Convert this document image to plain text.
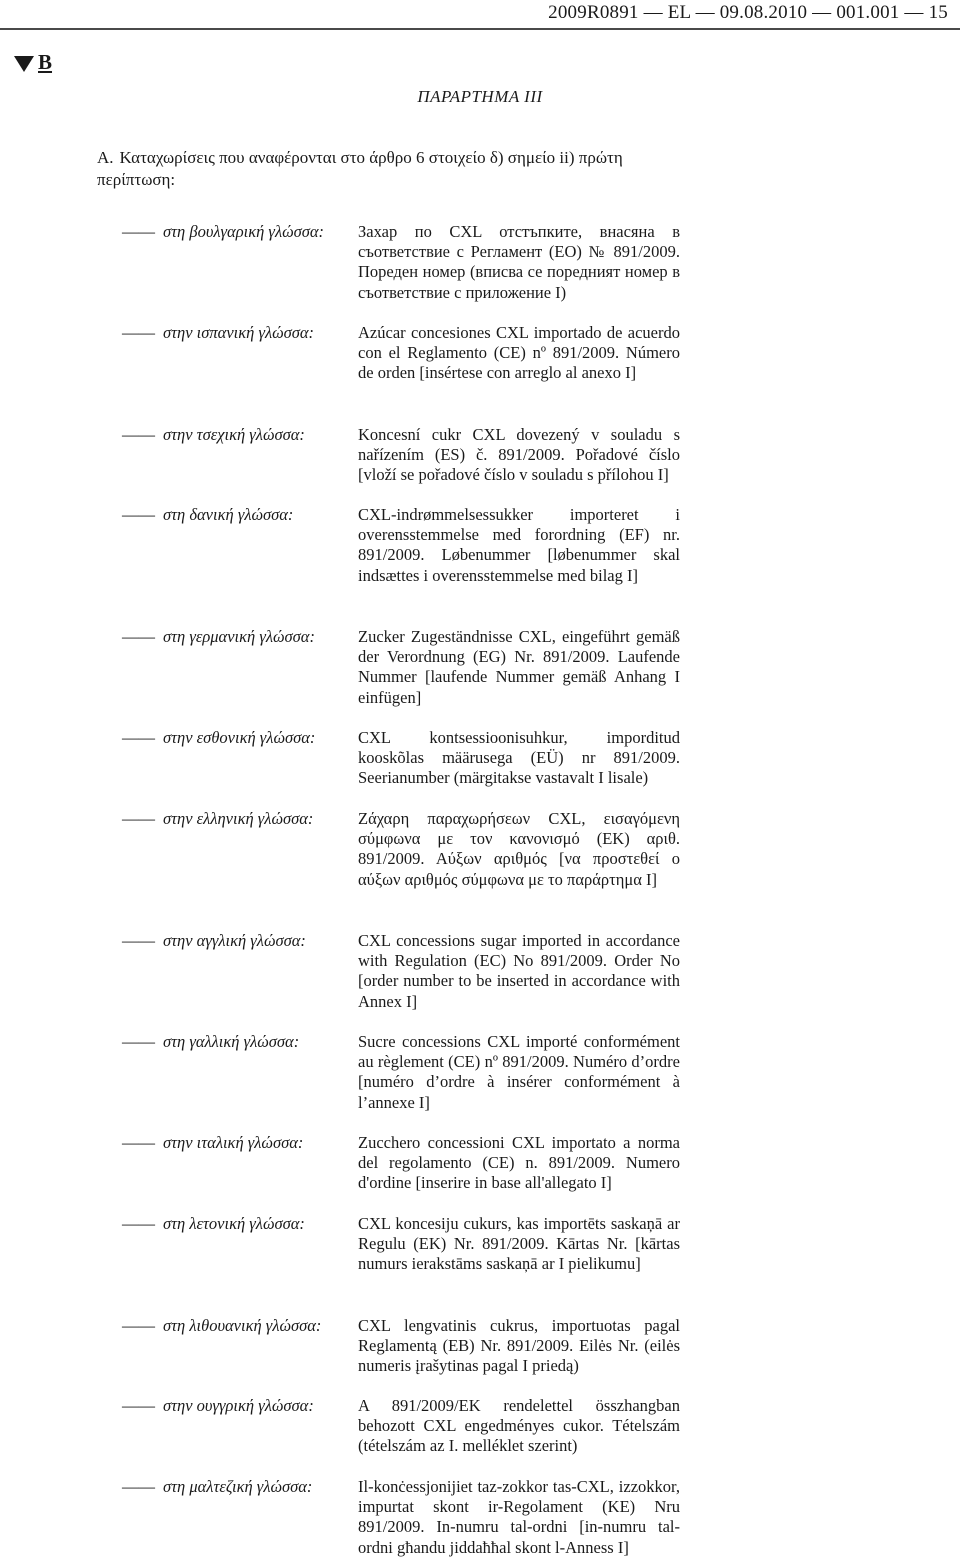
2009R0891 — EL — 09.08.2010 — 001.001 — 15
B
ΠΑΡΑΡΤΗΜΑ ΙΙΙ
Α. Καταχωρίσεις που αναφέρονται στο άρθρο 6 στοιχείο δ) σημείο ii) πρώτη περίπτωση:
—— στη βουλγαρική γλώσσα: Захар по CXL отстъпките, внасяна в съответствие с Регламент (ЕО) № 891/2009. Пореден номер (вписва се поредният номер в съответствие с приложение I)
—— στην ισπανική γλώσσα:	Azúcar concesiones CXL importado de acuerdo con el Reglamento (CE) nº 891/2009. Número de orden [insértese con arreglo al anexo I]
—— στην τσεχική γλώσσα:	Koncesní cukr CXL dovezený v souladu s nařízením (ES) č. 891/2009. Pořadové číslo [vloží se pořadové číslo v souladu s přílohou I]
—— στη δανική γλώσσα:	CXL-indrømmelsessukker importeret i overensstemmelse med forordning (EF) nr. 891/2009. Løbenummer [løbenummer skal indsættes i overensstemmelse med bilag I]
—— στη γερμανική γλώσσα:	Zucker Zugeständnisse CXL, eingeführt gemäß der Verordnung (EG) Nr. 891/2009. Laufende Nummer [laufende Nummer gemäß Anhang I einfügen]
—— στην εσθονική γλώσσα:	CXL kontsessioonisuhkur, imporditud kooskõlas määrusega (EÜ) nr 891/2009. Seerianumber (märgitakse vastavalt I lisale)
—— στην ελληνική γλώσσα:	Ζάχαρη παραχωρήσεων CXL, εισαγόμενη σύμφωνα με τον κανονισμό (ΕΚ) αριθ. 891/2009. Αύξων αριθμός [να προστεθεί ο αύξων αριθμός σύμφωνα με το παράρτημα I]
—— στην αγγλική γλώσσα:	CXL concessions sugar imported in accordance with Regulation (EC) No 891/2009. Order No [order number to be inserted in accordance with Annex I]
—— στη γαλλική γλώσσα:	Sucre concessions CXL importé conformément au règlement (CE) nº 891/2009. Numéro d’ordre [numéro d’ordre à insérer conformément à l’annexe I]
—— στην ιταλική γλώσσα:	Zucchero concessioni CXL importato a norma del regolamento (CE) n. 891/2009. Numero d'ordine [inserire in base all'allegato I]
—— στη λετονική γλώσσα:	CXL koncesiju cukurs, kas importēts saskaņā ar Regulu (EK) Nr. 891/2009. Kārtas Nr. [kārtas numurs ierakstāms saskaņā ar I pielikumu]
—— στη λιθουανική γλώσσα: CXL lengvatinis cukrus, importuotas pagal Reglamentą (EB) Nr. 891/2009. Eilės Nr. (eilės numeris įrašytinas pagal I priedą)
—— στην ουγγρική γλώσσα:	A 891/2009/EK rendelettel összhangban behozott CXL engedményes cukor. Tételszám (tételszám az I. melléklet szerint)
—— στη μαλτεζική γλώσσα:	Il-konċessjonijiet taz-zokkor tas-CXL, izzokkor, impurtat skont ir-Regolament (KE) Nru 891/2009. In-numru tal-ordni [in-numru tal-ordni għandu jiddaħħal skont l-Anness I]
